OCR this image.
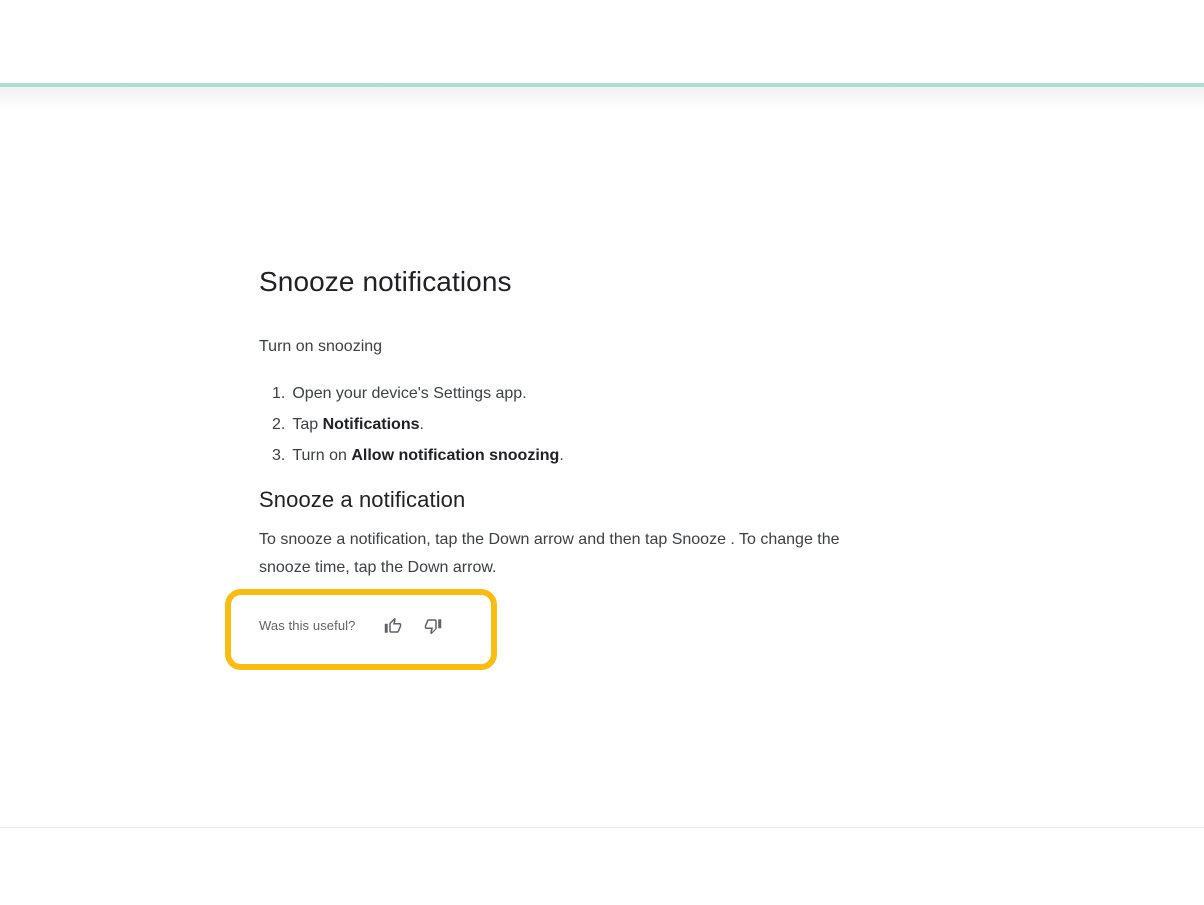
Snooze notifications
Turn on snoozing
1. Open your device's Settings app.
2. Tap Notifications.
3. Turn on Allow notification snoozing.
Snooze a notification

To snooze a notification, tap the Down arrow and then tap Snooze . To change the
snooze time, tap the Down arrow.

Was this useful?
